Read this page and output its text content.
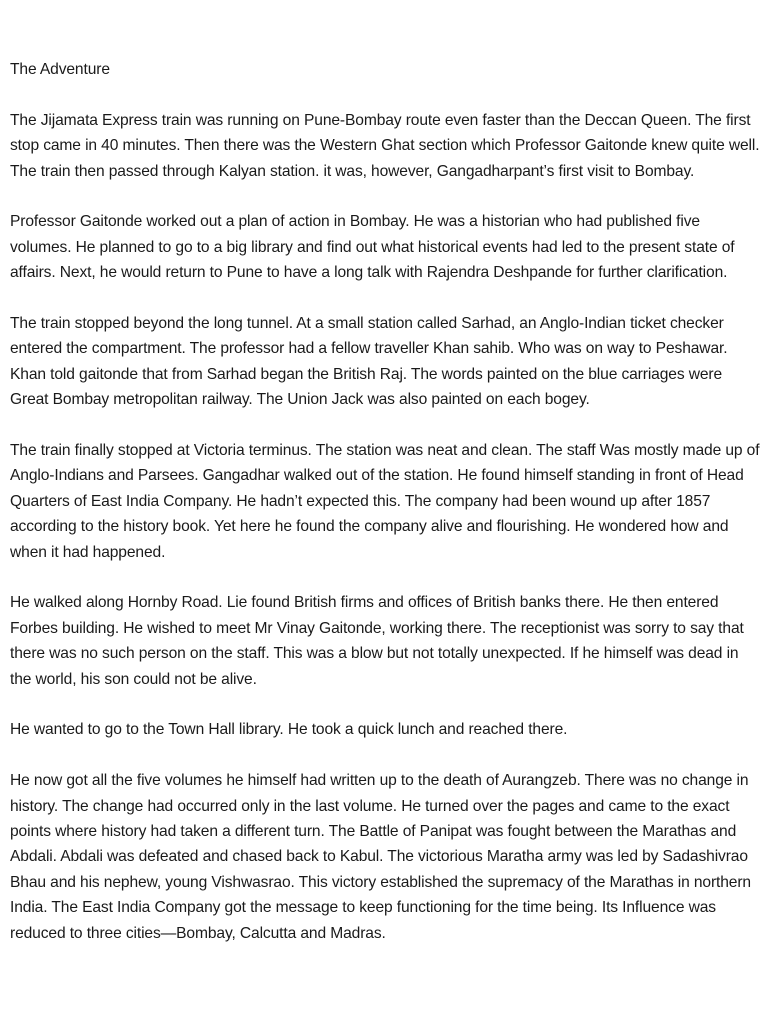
The Adventure

The Jijamata Express train was running on Pune-Bombay route even faster than the Deccan Queen. The first stop came in 40 minutes. Then there was the Western Ghat section which Professor Gaitonde knew quite well. The train then passed through Kalyan station. it was, however, Gangadharpant’s first visit to Bombay.

Professor Gaitonde worked out a plan of action in Bombay. He was a historian who had published five volumes. He planned to go to a big library and find out what historical events had led to the present state of affairs. Next, he would return to Pune to have a long talk with Rajendra Deshpande for further clarification.

The train stopped beyond the long tunnel. At a small station called Sarhad, an Anglo-Indian ticket checker entered the compartment. The professor had a fellow traveller Khan sahib. Who was on way to Peshawar. Khan told gaitonde that from Sarhad began the British Raj. The words painted on the blue carriages were Great Bombay metropolitan railway. The Union Jack was also painted on each bogey.

The train finally stopped at Victoria terminus. The station was neat and clean. The staff Was mostly made up of Anglo-Indians and Parsees. Gangadhar walked out of the station. He found himself standing in front of Head Quarters of East India Company. He hadn’t expected this. The company had been wound up after 1857 according to the history book. Yet here he found the company alive and flourishing. He wondered how and when it had happened.

He walked along Hornby Road. Lie found British firms and offices of British banks there. He then entered Forbes building. He wished to meet Mr Vinay Gaitonde, working there. The receptionist was sorry to say that there was no such person on the staff. This was a blow but not totally unexpected. If he himself was dead in the world, his son could not be alive.

He wanted to go to the Town Hall library. He took a quick lunch and reached there.

He now got all the five volumes he himself had written up to the death of Aurangzeb. There was no change in history. The change had occurred only in the last volume. He turned over the pages and came to the exact points where history had taken a different turn. The Battle of Panipat was fought between the Marathas and Abdali. Abdali was defeated and chased back to Kabul. The victorious Maratha army was led by Sadashivrao Bhau and his nephew, young Vishwasrao. This victory established the supremacy of the Marathas in northern India. The East India Company got the message to keep functioning for the time being. Its Influence was reduced to three cities—Bombay, Calcutta and Madras.
